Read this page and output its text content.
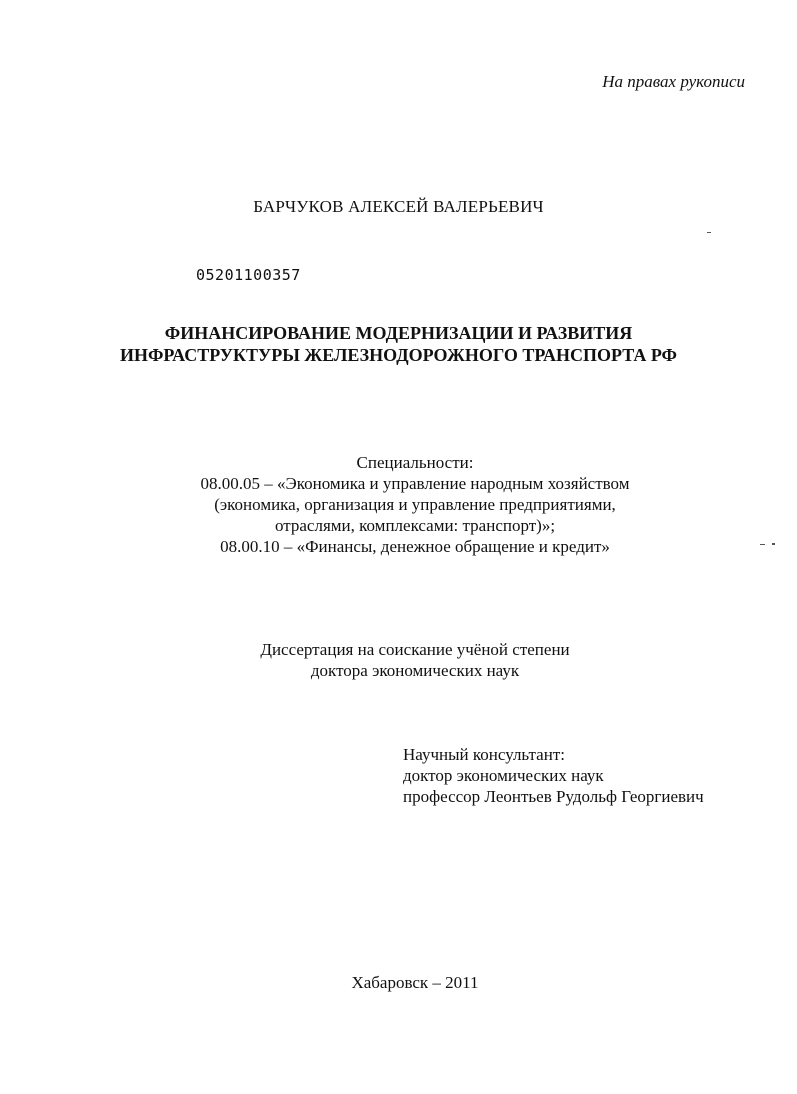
На правах рукописи

БАРЧУКОВ АЛЕКСЕЙ ВАЛЕРЬЕВИЧ

05201100357

ФИНАНСИРОВАНИЕ МОДЕРНИЗАЦИИ И РАЗВИТИЯ
ИНФРАСТРУКТУРЫ ЖЕЛЕЗНОДОРОЖНОГО ТРАНСПОРТА РФ
Специальности:
08.00.05 – «Экономика и управление народным хозяйством
(экономика, организация и управление предприятиями,
отраслями, комплексами: транспорт)»;
08.00.10 – «Финансы, денежное обращение и кредит»
Диссертация на соискание учёной степени
доктора экономических наук
Научный консультант:
доктор экономических наук
профессор Леонтьев Рудольф Георгиевич

Хабаровск – 2011
